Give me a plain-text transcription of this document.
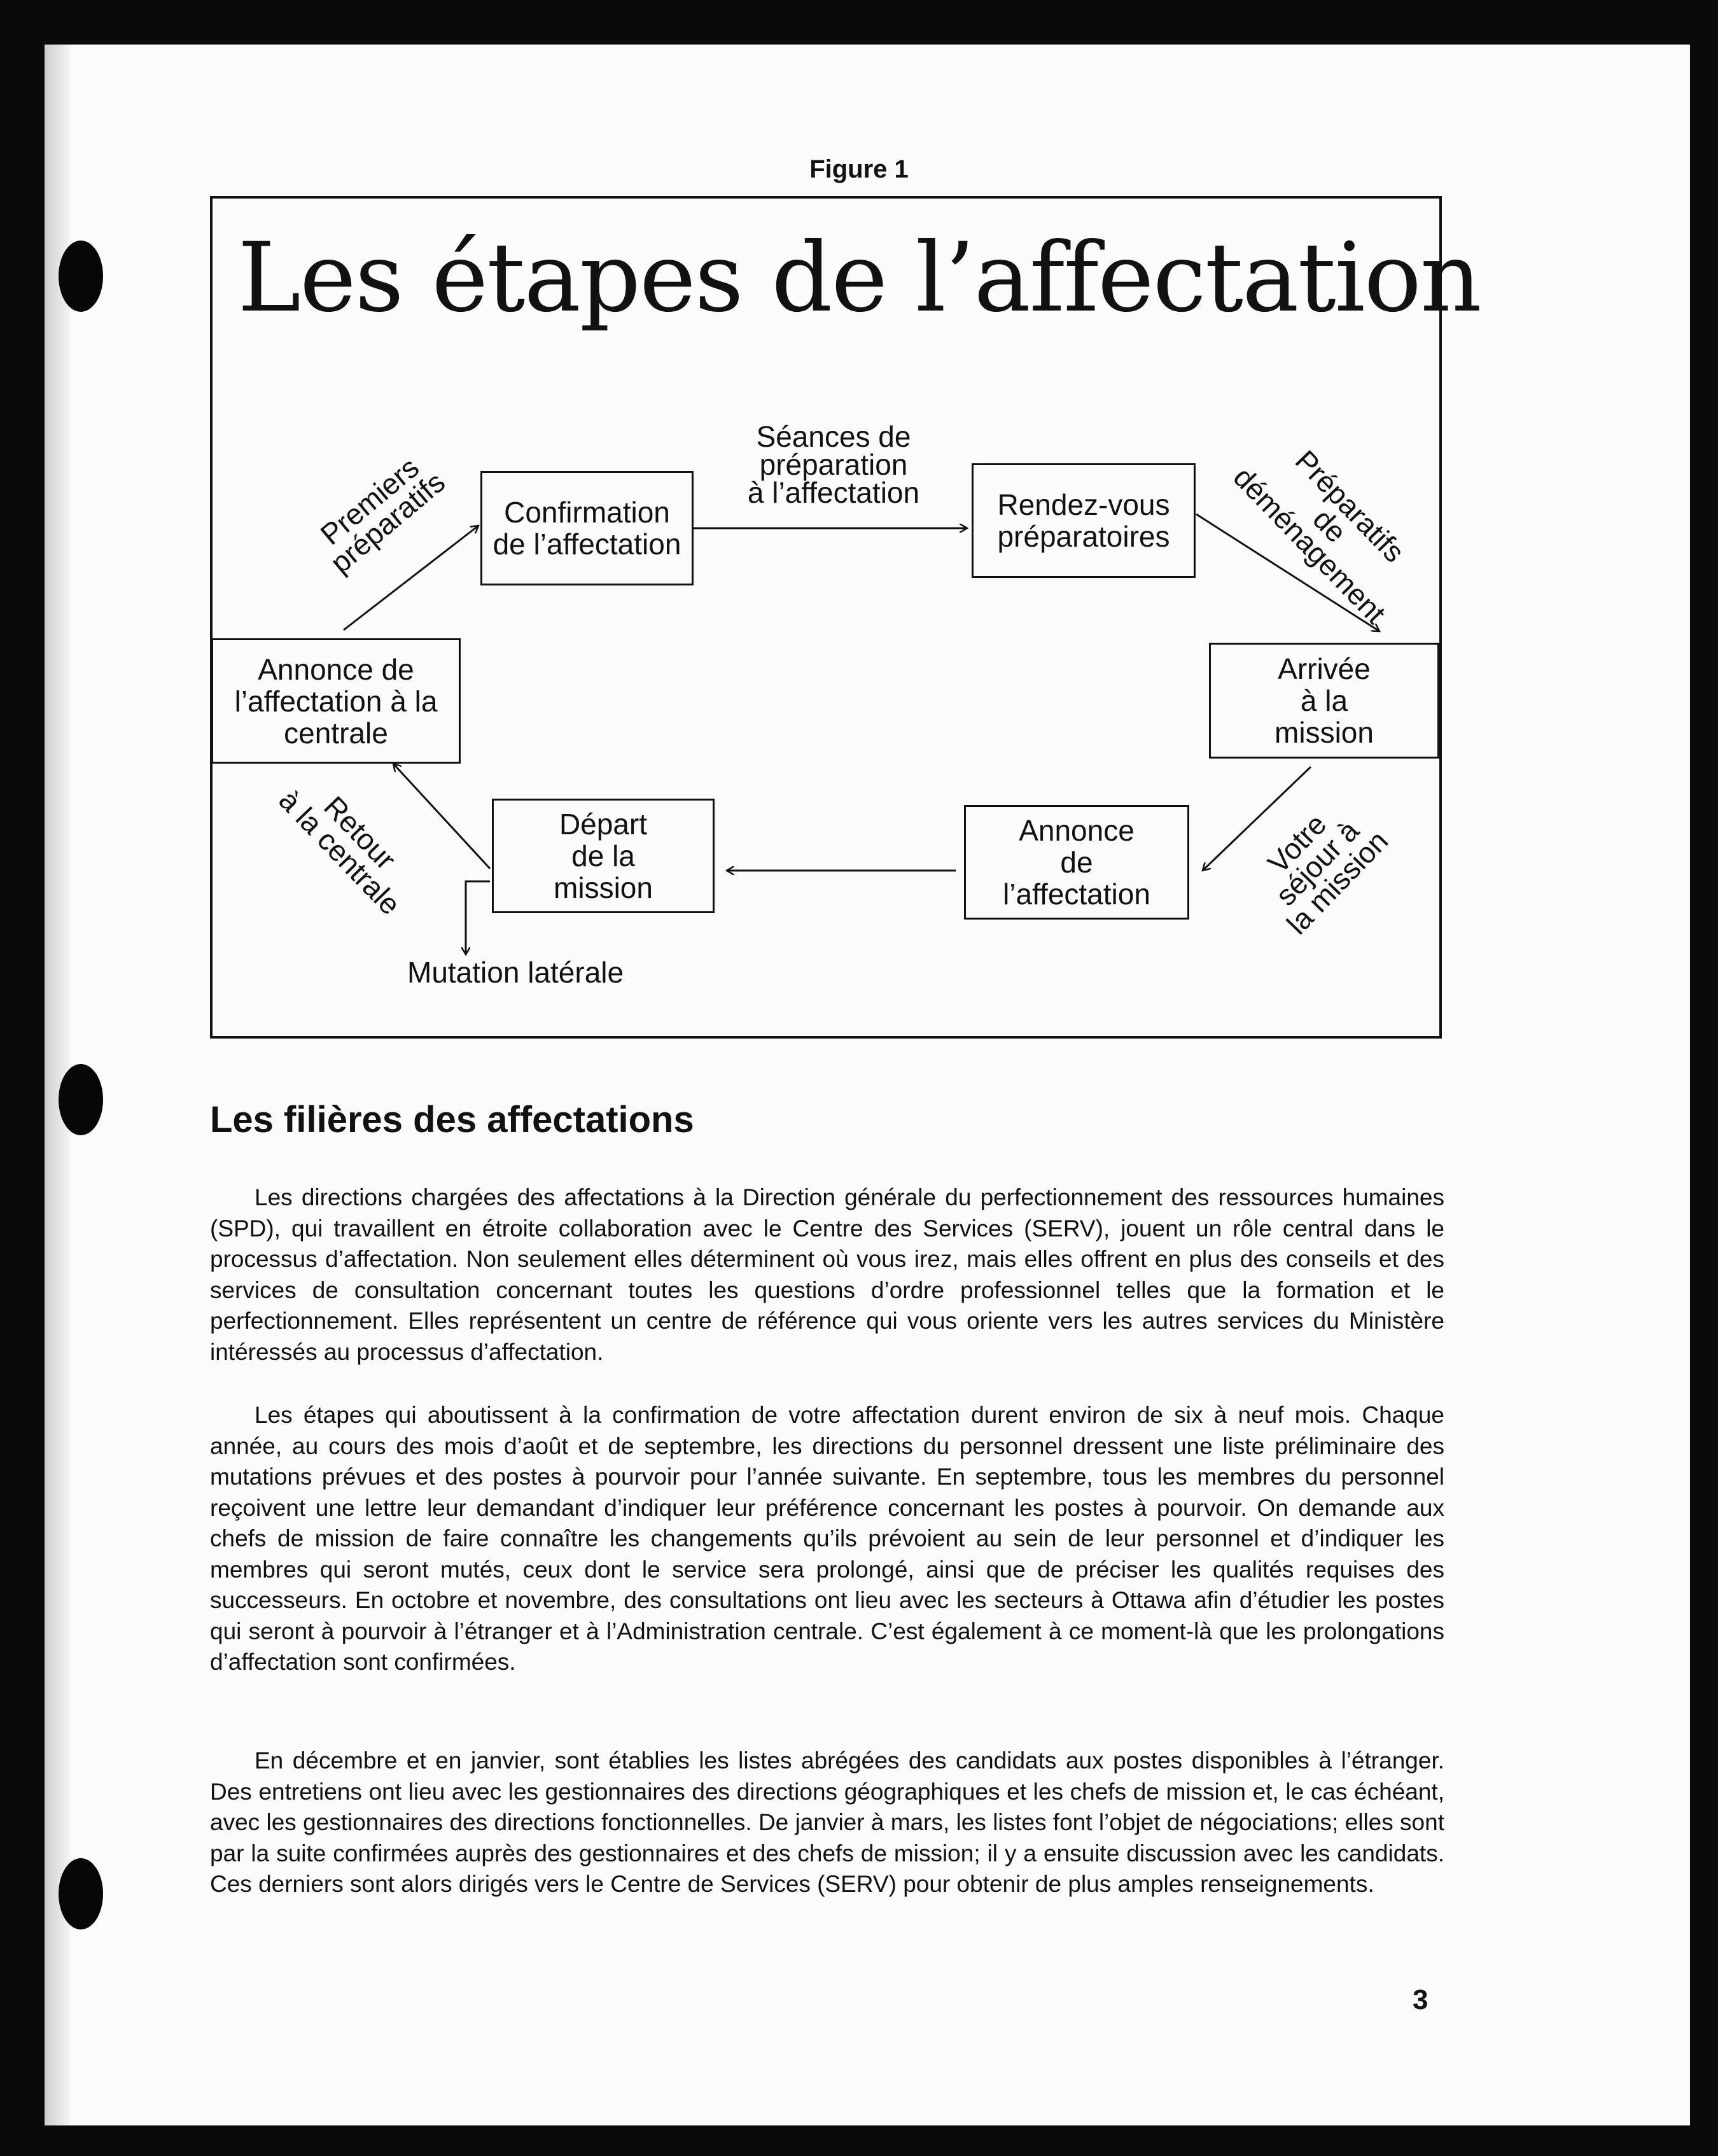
Figure 1
Les étapes de l’affectation
Confirmation
de l’affectation
Rendez-vous
préparatoires
Arrivée
à la
mission
Annonce
de
l’affectation
Départ
de la
mission
Annonce de
l’affectation à la
centrale
Séances de
préparation
à l’affectation
Premiers
préparatifs	Préparatifs
de
déménagement
Votre
séjour à
la mission
Retour
à la centrale
Mutation latérale
Les filières des affectations

Les directions chargées des affectations à la Direction générale du perfectionnement des ressources humaines (SPD), qui travaillent en étroite collaboration avec le Centre des Services (SERV), jouent un rôle central dans le processus d’affectation. Non seulement elles déterminent où vous irez, mais elles offrent en plus des conseils et des services de consultation concernant toutes les questions d’ordre professionnel telles que la formation et le perfectionnement. Elles représentent un centre de référence qui vous oriente vers les autres services du Ministère intéressés au processus d’affectation.

Les étapes qui aboutissent à la confirmation de votre affectation durent environ de six à neuf mois. Chaque année, au cours des mois d’août et de septembre, les directions du personnel dressent une liste préliminaire des mutations prévues et des postes à pourvoir pour l’année suivante. En septembre, tous les membres du personnel reçoivent une lettre leur demandant d’indiquer leur préférence concernant les postes à pourvoir. On demande aux chefs de mission de faire connaître les changements qu’ils prévoient au sein de leur personnel et d’indiquer les membres qui seront mutés, ceux dont le service sera prolongé, ainsi que de préciser les qualités requises des successeurs. En octobre et novembre, des consultations ont lieu avec les secteurs à Ottawa afin d’étudier les postes qui seront à pourvoir à l’étranger et à l’Administration centrale. C’est également à ce moment-là que les prolongations d’affectation sont confirmées.

En décembre et en janvier, sont établies les listes abrégées des candidats aux postes disponibles à l’étranger. Des entretiens ont lieu avec les gestionnaires des directions géographiques et les chefs de mission et, le cas échéant, avec les gestionnaires des directions fonctionnelles. De janvier à mars, les listes font l’objet de négociations; elles sont par la suite confirmées auprès des gestionnaires et des chefs de mission; il y a ensuite discussion avec les candidats. Ces derniers sont alors dirigés vers le Centre de Services (SERV) pour obtenir de plus amples renseignements.

3
